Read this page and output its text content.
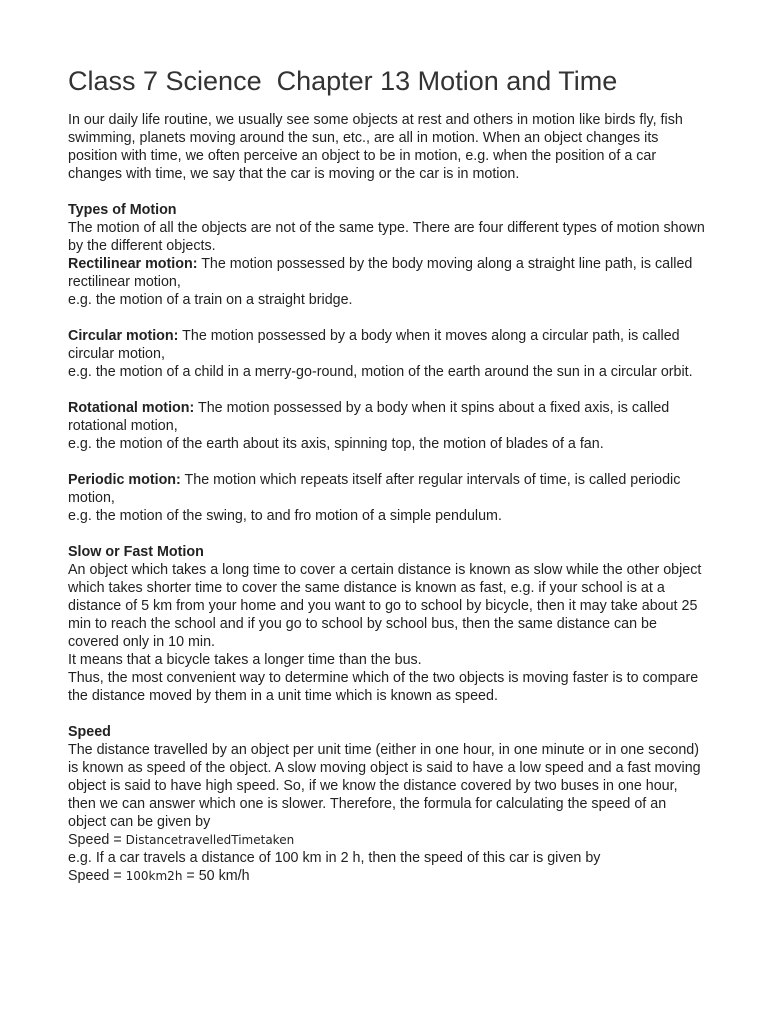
Class 7 Science  Chapter 13 Motion and Time

In our daily life routine, we usually see some objects at rest and others in motion like birds fly, fish swimming, planets moving around the sun, etc., are all in motion. When an object changes its position with time, we often perceive an object to be in motion, e.g. when the position of a car changes with time, we say that the car is moving or the car is in motion.

Types of Motion

The motion of all the objects are not of the same type. There are four different types of motion shown by the different objects.

Rectilinear motion: The motion possessed by the body moving along a straight line path, is called rectilinear motion,

e.g. the motion of a train on a straight bridge.

Circular motion: The motion possessed by a body when it moves along a circular path, is called circular motion,

e.g. the motion of a child in a merry-go-round, motion of the earth around the sun in a circular orbit.

Rotational motion: The motion possessed by a body when it spins about a fixed axis, is called rotational motion,

e.g. the motion of the earth about its axis, spinning top, the motion of blades of a fan.

Periodic motion: The motion which repeats itself after regular intervals of time, is called periodic motion,

e.g. the motion of the swing, to and fro motion of a simple pendulum.

Slow or Fast Motion

An object which takes a long time to cover a certain distance is known as slow while the other object which takes shorter time to cover the same distance is known as fast, e.g. if your school is at a distance of 5 km from your home and you want to go to school by bicycle, then it may take about 25 min to reach the school and if you go to school by school bus, then the same distance can be covered only in 10 min.

It means that a bicycle takes a longer time than the bus.

Thus, the most convenient way to determine which of the two objects is moving faster is to compare the distance moved by them in a unit time which is known as speed.

Speed

The distance travelled by an object per unit time (either in one hour, in one minute or in one second) is known as speed of the object. A slow moving object is said to have a low speed and a fast moving object is said to have high speed. So, if we know the distance covered by two buses in one hour, then we can answer which one is slower. Therefore, the formula for calculating the speed of an object can be given by

Speed = DistancetravelledTimetaken

e.g. If a car travels a distance of 100 km in 2 h, then the speed of this car is given by

Speed = 100km2h = 50 km/h
